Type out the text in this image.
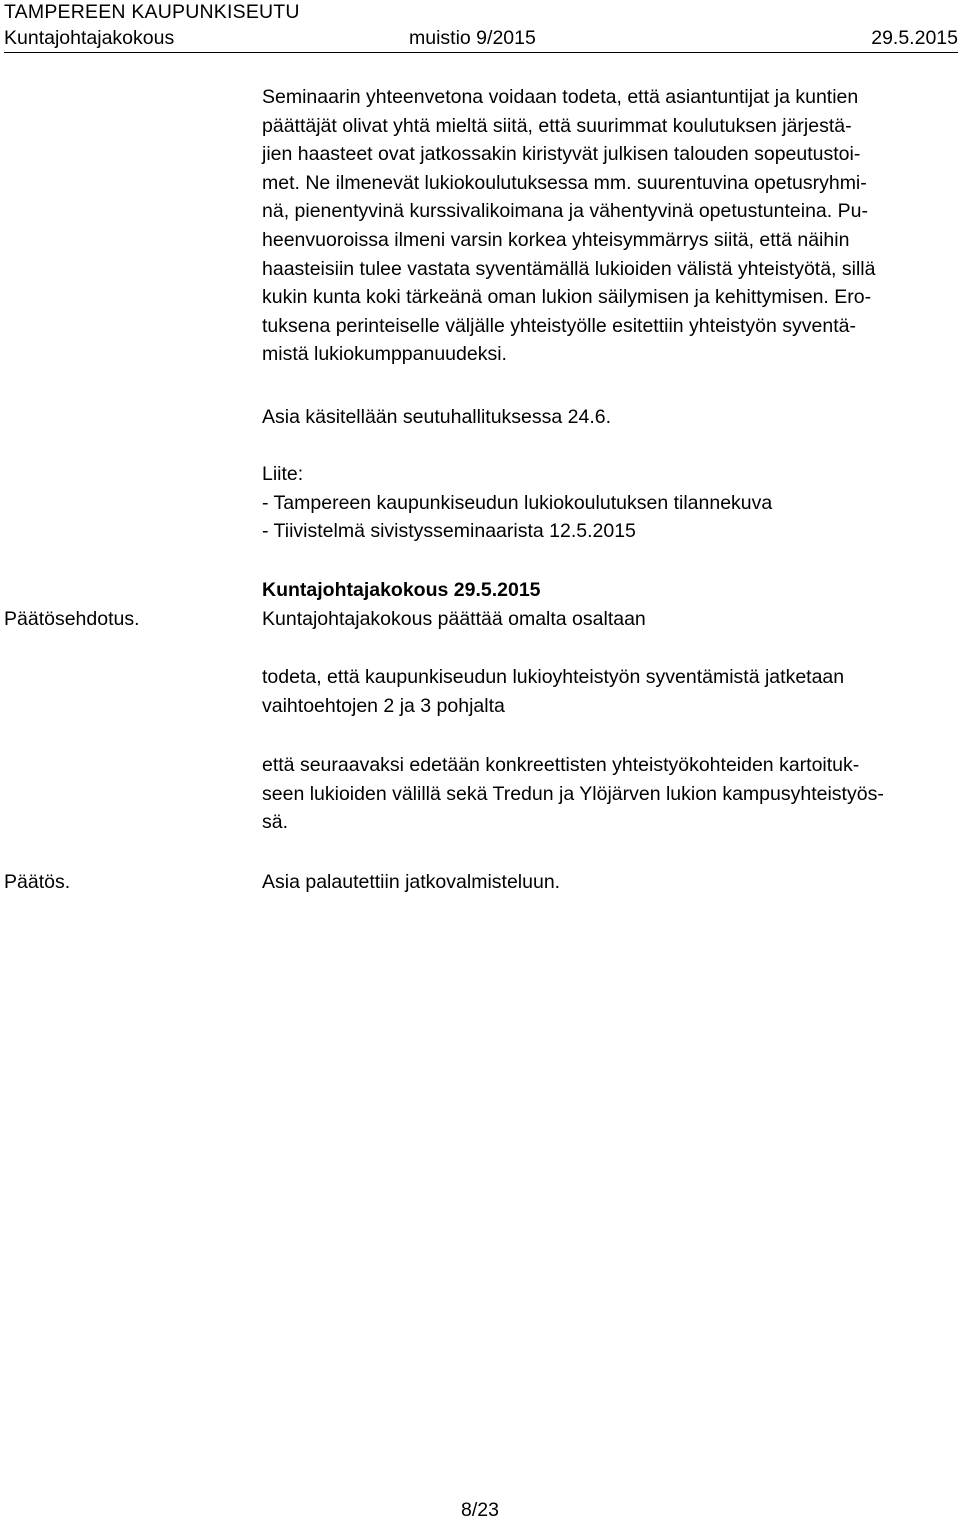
TAMPEREEN KAUPUNKISEUTU
Kuntajohtajakokous	muistio 9/2015	29.5.2015
Seminaarin yhteenvetona voidaan todeta, että asiantuntijat ja kuntien
päättäjät olivat yhtä mieltä siitä, että suurimmat koulutuksen järjestä-
jien haasteet ovat jatkossakin kiristyvät julkisen talouden sopeutustoi-
met. Ne ilmenevät lukiokoulutuksessa mm. suurentuvina opetusryhmi-
nä, pienentyvinä kurssivalikoimana ja vähentyvinä opetustunteina. Pu-
heenvuoroissa ilmeni varsin korkea yhteisymmärrys siitä, että näihin
haasteisiin tulee vastata syventämällä lukioiden välistä yhteistyötä, sillä
kukin kunta koki tärkeänä oman lukion säilymisen ja kehittymisen. Ero-
tuksena perinteiselle väljälle yhteistyölle esitettiin yhteistyön syventä-
mistä lukiokumppanuudeksi.
Asia käsitellään seutuhallituksessa 24.6.
Liite:
- Tampereen kaupunkiseudun lukiokoulutuksen tilannekuva
- Tiivistelmä sivistysseminaarista 12.5.2015
Päätösehdotus.
Kuntajohtajakokous 29.5.2015
Kuntajohtajakokous päättää omalta osaltaan
todeta, että kaupunkiseudun lukioyhteistyön syventämistä jatketaan
vaihtoehtojen 2 ja 3 pohjalta
että seuraavaksi edetään konkreettisten yhteistyökohteiden kartoituk-
seen lukioiden välillä sekä Tredun ja Ylöjärven lukion kampusyhteistyös-
sä.
Päätös.	Asia palautettiin jatkovalmisteluun.
8/23
